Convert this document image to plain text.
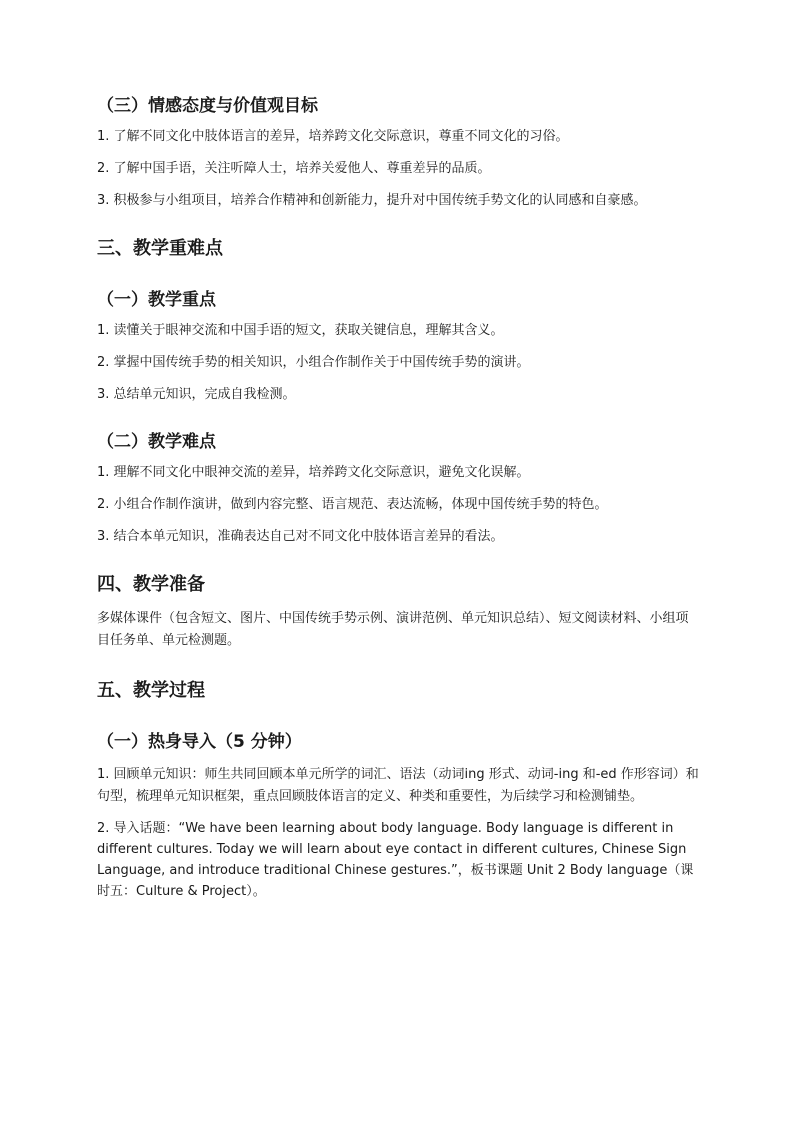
（三）情感态度与价值观目标

1. 了解不同文化中肢体语言的差异，培养跨文化交际意识，尊重不同文化的习俗。

2. 了解中国手语，关注听障人士，培养关爱他人、尊重差异的品质。

3. 积极参与小组项目，培养合作精神和创新能力，提升对中国传统手势文化的认同感和自豪感。

三、教学重难点
（一）教学重点

1. 读懂关于眼神交流和中国手语的短文，获取关键信息，理解其含义。

2. 掌握中国传统手势的相关知识，小组合作制作关于中国传统手势的演讲。

3. 总结单元知识，完成自我检测。

（二）教学难点

1. 理解不同文化中眼神交流的差异，培养跨文化交际意识，避免文化误解。

2. 小组合作制作演讲，做到内容完整、语言规范、表达流畅，体现中国传统手势的特色。

3. 结合本单元知识，准确表达自己对不同文化中肢体语言差异的看法。

四、教学准备

多媒体课件（包含短文、图片、中国传统手势示例、演讲范例、单元知识总结）、短文阅读材料、小组项目任务单、单元检测题。

五、教学过程
（一）热身导入（5 分钟）

1. 回顾单元知识：师生共同回顾本单元所学的词汇、语法（动词ing 形式、动词-ing 和-ed 作形容词）和句型，梳理单元知识框架，重点回顾肢体语言的定义、种类和重要性，为后续学习和检测铺垫。

2. 导入话题：“We have been learning about body language. Body language is different in different cultures. Today we will learn about eye contact in different cultures, Chinese Sign Language, and introduce traditional Chinese gestures.”，板书课题 Unit 2 Body language（课时五：Culture & Project）。
